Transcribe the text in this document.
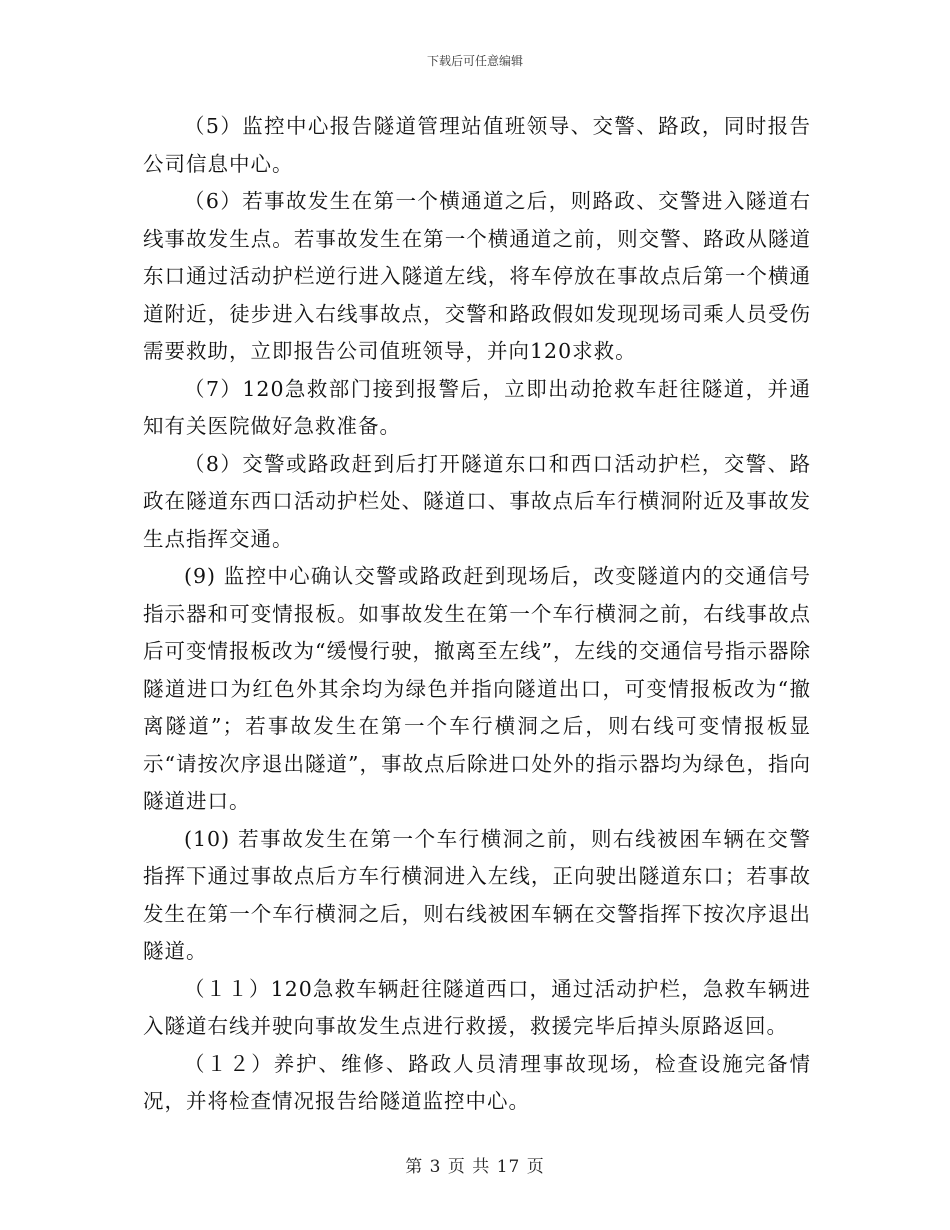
下载后可任意编辑

（5）监控中心报告隧道管理站值班领导、交警、路政，同时报告公司信息中心。

（6）若事故发生在第一个横通道之后，则路政、交警进入隧道右线事故发生点。若事故发生在第一个横通道之前，则交警、路政从隧道东口通过活动护栏逆行进入隧道左线，将车停放在事故点后第一个横通道附近，徒步进入右线事故点，交警和路政假如发现现场司乘人员受伤需要救助，立即报告公司值班领导，并向120求救。

（7）120急救部门接到报警后，立即出动抢救车赶往隧道，并通知有关医院做好急救准备。

（8）交警或路政赶到后打开隧道东口和西口活动护栏，交警、路政在隧道东西口活动护栏处、隧道口、事故点后车行横洞附近及事故发生点指挥交通。

(9) 监控中心确认交警或路政赶到现场后，改变隧道内的交通信号指示器和可变情报板。如事故发生在第一个车行横洞之前，右线事故点后可变情报板改为“缓慢行驶，撤离至左线”，左线的交通信号指示器除隧道进口为红色外其余均为绿色并指向隧道出口，可变情报板改为“撤离隧道”；若事故发生在第一个车行横洞之后，则右线可变情报板显示“请按次序退出隧道”，事故点后除进口处外的指示器均为绿色，指向隧道进口。

(10) 若事故发生在第一个车行横洞之前，则右线被困车辆在交警指挥下通过事故点后方车行横洞进入左线，正向驶出隧道东口；若事故发生在第一个车行横洞之后，则右线被困车辆在交警指挥下按次序退出隧道。

（１１）120急救车辆赶往隧道西口，通过活动护栏，急救车辆进入隧道右线并驶向事故发生点进行救援，救援完毕后掉头原路返回。

（１２）养护、维修、路政人员清理事故现场，检查设施完备情况，并将检查情况报告给隧道监控中心。

第 3 页 共 17 页
